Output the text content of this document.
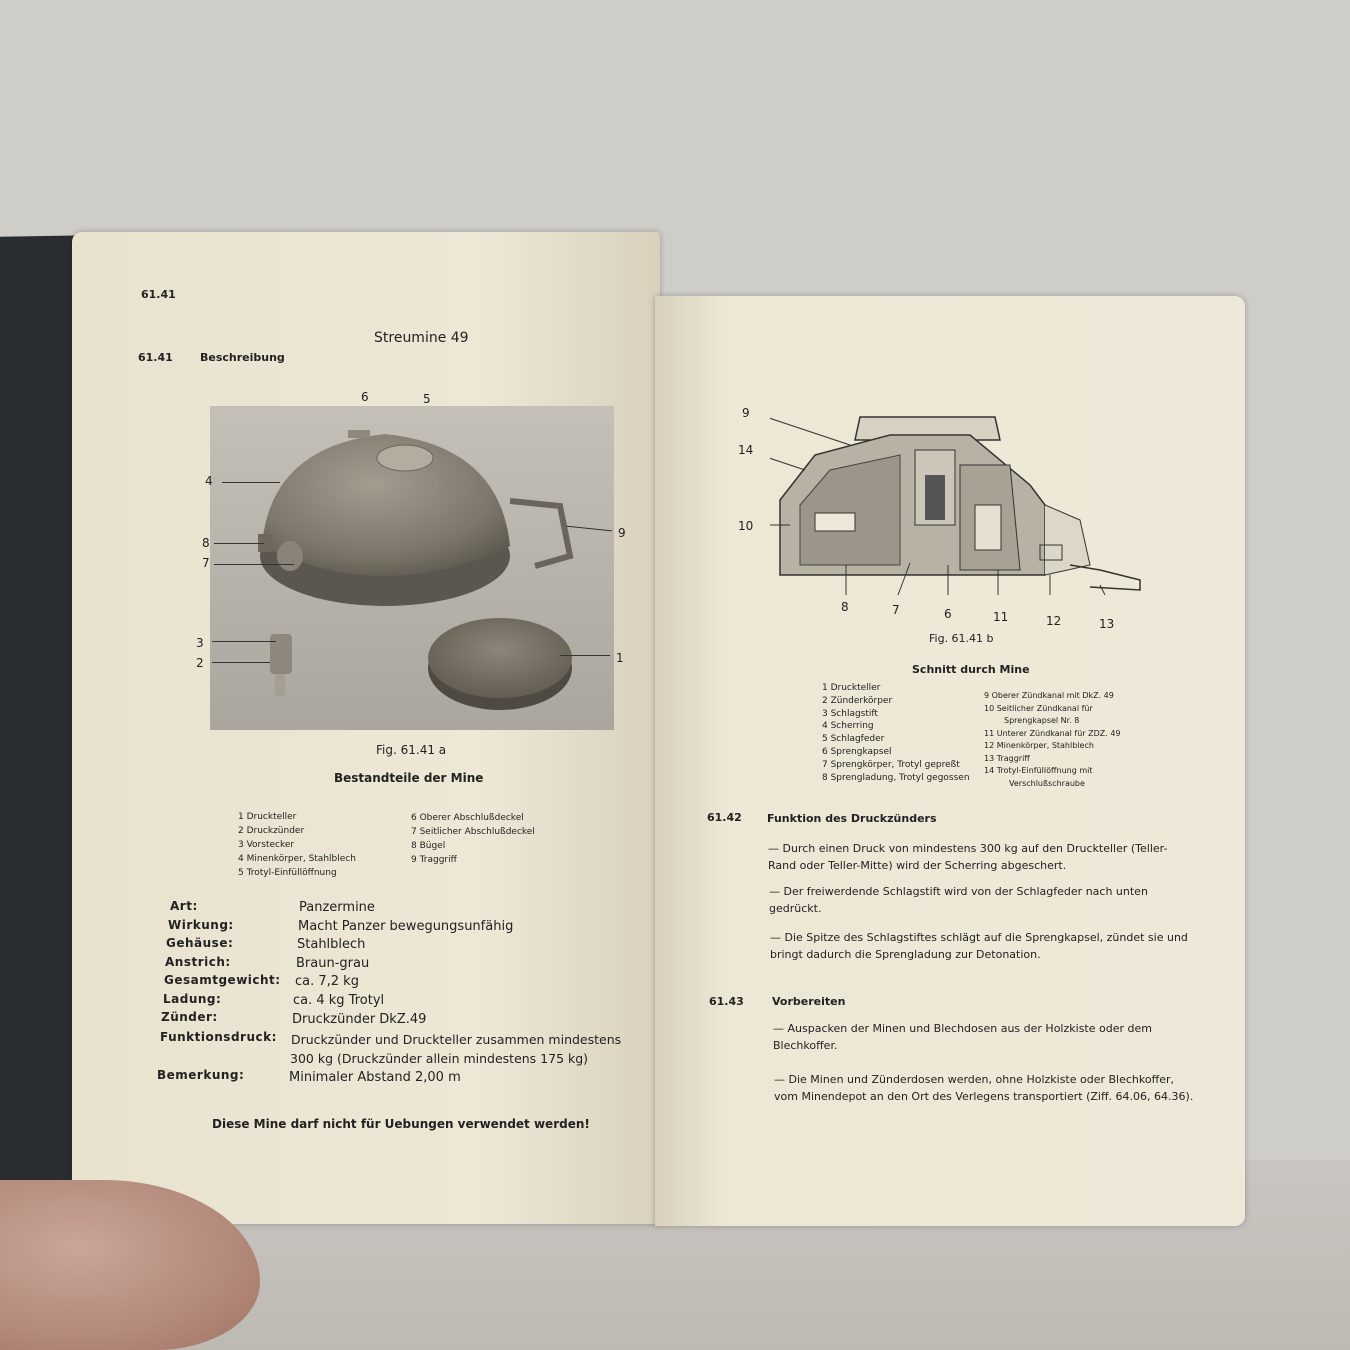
61.41
Streumine 49
61.41 Beschreibung
6	5
4
9
8
7
3
2	1
Fig. 61.41 a
Bestandteile der Mine
1 Druckteller
2 Druckzünder
3 Vorstecker
4 Minenkörper, Stahlblech
5 Trotyl-Einfüllöffnung
6 Oberer Abschlußdeckel
7 Seitlicher Abschlußdeckel
8 Bügel
9 Traggriff
Art:	Panzermine
Wirkung:	Macht Panzer bewegungsunfähig
Gehäuse:	Stahlblech
Anstrich:	Braun-grau
Gesamtgewicht: ca. 7,2 kg
Ladung:	ca. 4 kg Trotyl
Zünder:	Druckzünder DkZ.49
Funktionsdruck: Druckzünder und Druckteller zusammen mindestens
300 kg (Druckzünder allein mindestens 175 kg)
Bemerkung:	Minimaler Abstand 2,00 m
Diese Mine darf nicht für Uebungen verwendet werden!
9
14
10
8	7	6	11	12	13
Fig. 61.41 b
Schnitt durch Mine
1 Druckteller
2 Zünderkörper
3 Schlagstift
4 Scherring
5 Schlagfeder
6 Sprengkapsel
7 Sprengkörper, Trotyl gepreßt
8 Sprengladung, Trotyl gegossen
9 Oberer Zündkanal mit DkZ. 49
10 Seitlicher Zündkanal für
Sprengkapsel Nr. 8
11 Unterer Zündkanal für ZDZ. 49
12 Minenkörper, Stahlblech
13 Traggriff
14 Trotyl-Einfüllöffnung mit
Verschlußschraube
61.42 Funktion des Druckzünders
— Durch einen Druck von mindestens 300 kg auf den Druckteller (Teller-Rand oder Teller-Mitte) wird der Scherring abgeschert.
— Der freiwerdende Schlagstift wird von der Schlagfeder nach unten gedrückt.
— Die Spitze des Schlagstiftes schlägt auf die Sprengkapsel, zündet sie und bringt dadurch die Sprengladung zur Detonation.
61.43	Vorbereiten
— Auspacken der Minen und Blechdosen aus der Holzkiste oder dem Blechkoffer.
— Die Minen und Zünderdosen werden, ohne Holzkiste oder Blechkoffer, vom Minendepot an den Ort des Verlegens transportiert (Ziff. 64.06, 64.36).
